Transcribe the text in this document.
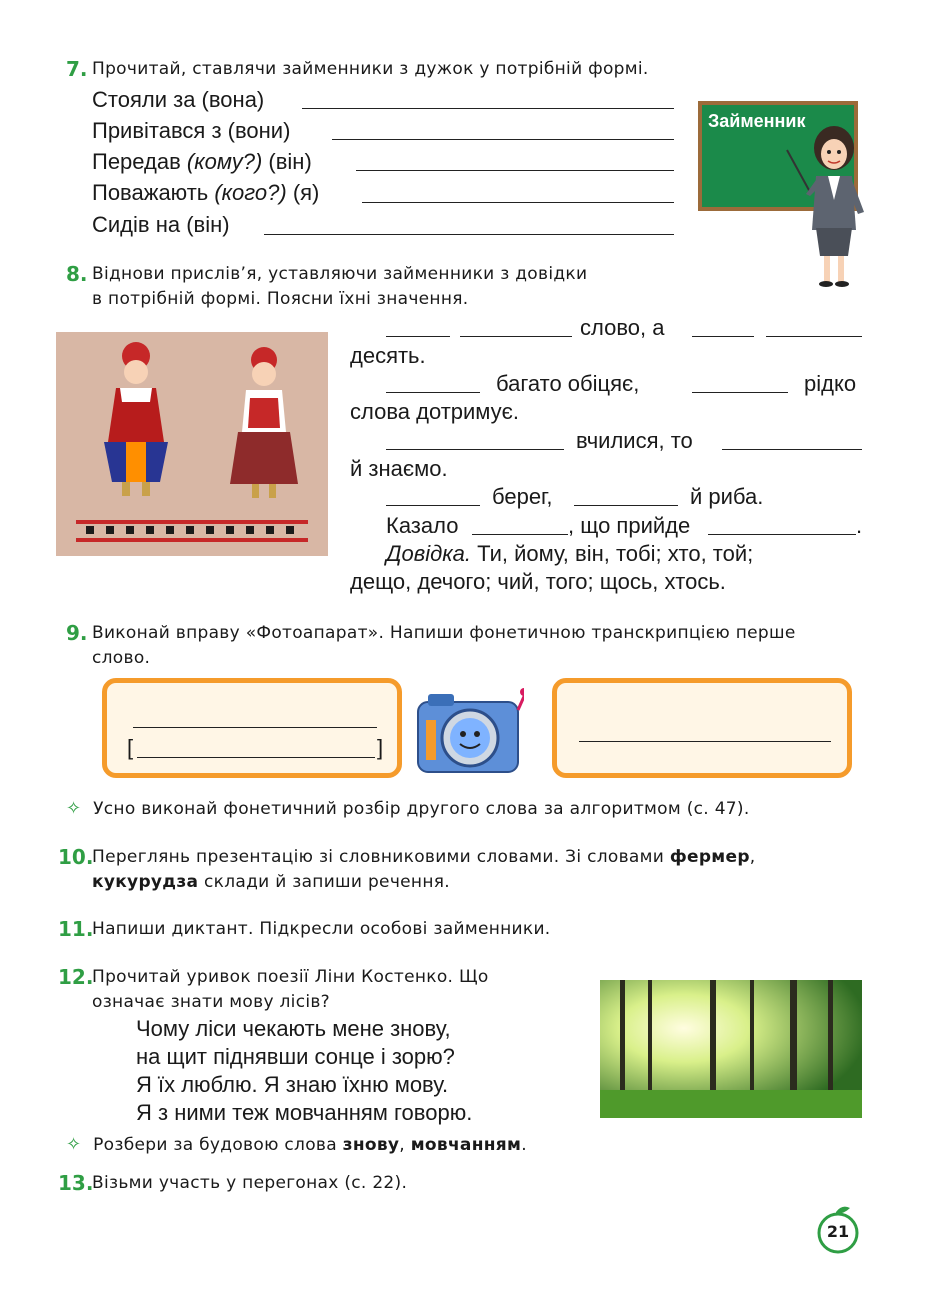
7. Прочитай, ставлячи займенники з дужок у потрібній формі.
Стояли за (вона)
Привітався з (вони)
Передав (кому?) (він)
Поважають (кого?) (я)
Сидів на (він)
Займенник
8. Віднови прислів’я, уставляючи займенники з довідки
в потрібній формі. Поясни їхні значення.
слово, а
десять.
багато обіцяє,	рідко
слова дотримує.
вчилися, то
й знаємо.
берег,	й риба.
Казало	, що прийде	.
Довідка. Ти, йому, він, тобі; хто, той;
дещо, дечого; чий, того; щось, хтось.
9. Виконай вправу «Фотоапарат». Напиши фонетичною транскрипцією перше
слово.
[	]
✧ Усно виконай фонетичний розбір другого слова за алгоритмом (с. 47).
10.
Переглянь презентацію зі словниковими словами. Зі словами фермер,
кукурудза склади й запиши речення.
11.
Напиши диктант. Підкресли особові займенники.
12.
Прочитай уривок поезії Ліни Костенко. Що
означає знати мову лісів?
Чому ліси чекають мене знову,
на щит піднявши сонце і зорю?
Я їх люблю. Я знаю їхню мову.
Я з ними теж мовчанням говорю.
✧ Розбери за будовою слова знову, мовчанням.
13.
Візьми участь у перегонах (с. 22).
21
